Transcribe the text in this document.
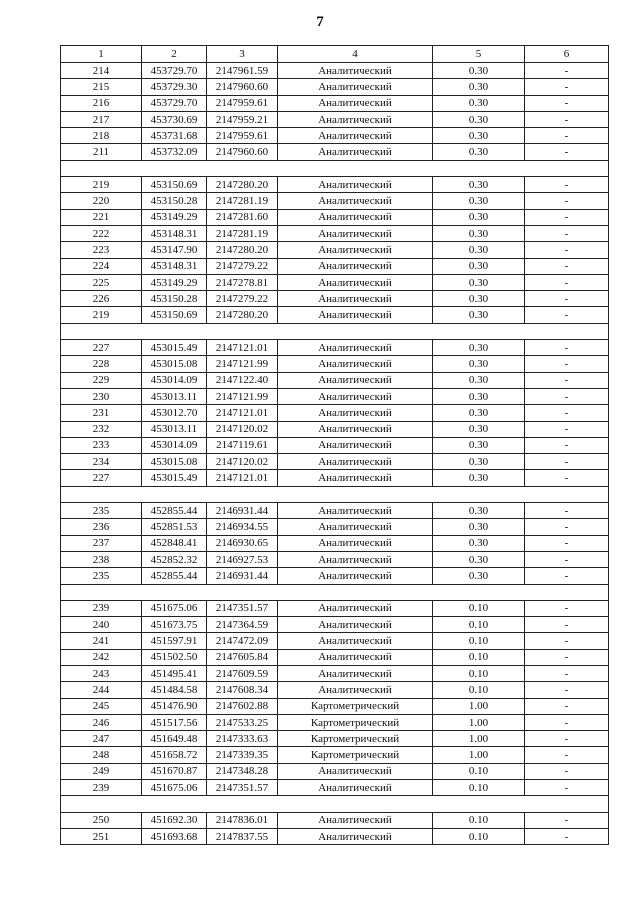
7
1	2	3	4	5	6
214	453729.70	2147961.59	Аналитический	0.30	-
215	453729.30	2147960.60	Аналитический	0.30	-
216	453729.70	2147959.61	Аналитический	0.30	-
217	453730.69	2147959.21	Аналитический	0.30	-
218	453731.68	2147959.61	Аналитический	0.30	-
211	453732.09	2147960.60	Аналитический	0.30	-

219	453150.69	2147280.20	Аналитический	0.30	-
220	453150.28	2147281.19	Аналитический	0.30	-
221	453149.29	2147281.60	Аналитический	0.30	-
222	453148.31	2147281.19	Аналитический	0.30	-
223	453147.90	2147280.20	Аналитический	0.30	-
224	453148.31	2147279.22	Аналитический	0.30	-
225	453149.29	2147278.81	Аналитический	0.30	-
226	453150.28	2147279.22	Аналитический	0.30	-
219	453150.69	2147280.20	Аналитический	0.30	-

227	453015.49	2147121.01	Аналитический	0.30	-
228	453015.08	2147121.99	Аналитический	0.30	-
229	453014.09	2147122.40	Аналитический	0.30	-
230	453013.11	2147121.99	Аналитический	0.30	-
231	453012.70	2147121.01	Аналитический	0.30	-
232	453013.11	2147120.02	Аналитический	0.30	-
233	453014.09	2147119.61	Аналитический	0.30	-
234	453015.08	2147120.02	Аналитический	0.30	-
227	453015.49	2147121.01	Аналитический	0.30	-

235	452855.44	2146931.44	Аналитический	0.30	-
236	452851.53	2146934.55	Аналитический	0.30	-
237	452848.41	2146930.65	Аналитический	0.30	-
238	452852.32	2146927.53	Аналитический	0.30	-
235	452855.44	2146931.44	Аналитический	0.30	-

239	451675.06	2147351.57	Аналитический	0.10	-
240	451673.75	2147364.59	Аналитический	0.10	-
241	451597.91	2147472.09	Аналитический	0.10	-
242	451502.50	2147605.84	Аналитический	0.10	-
243	451495.41	2147609.59	Аналитический	0.10	-
244	451484.58	2147608.34	Аналитический	0.10	-
245	451476.90	2147602.88	Картометрический	1.00	-
246	451517.56	2147533.25	Картометрический	1.00	-
247	451649.48	2147333.63	Картометрический	1.00	-
248	451658.72	2147339.35	Картометрический	1.00	-
249	451670.87	2147348.28	Аналитический	0.10	-
239	451675.06	2147351.57	Аналитический	0.10	-

250	451692.30	2147836.01	Аналитический	0.10	-
251	451693.68	2147837.55	Аналитический	0.10	-
